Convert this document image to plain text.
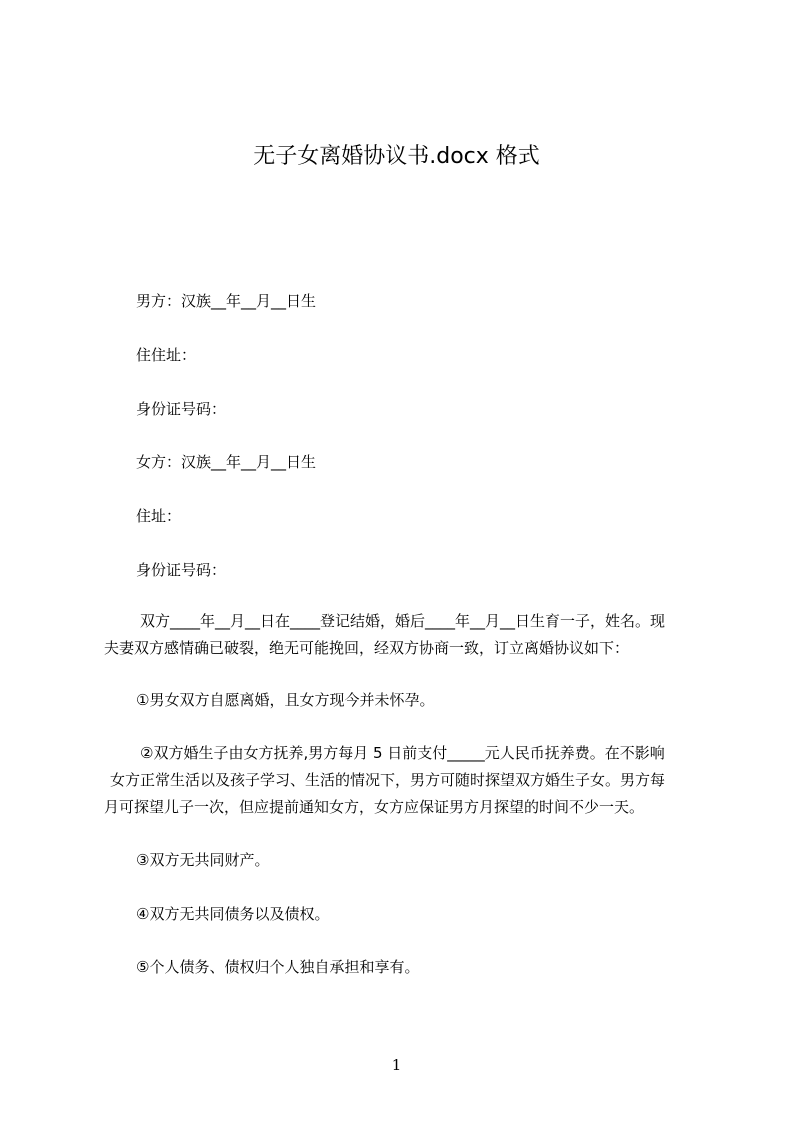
无子女离婚协议书.docx 格式
男方：汉族__年__月__日生
住住址：
身份证号码：
女方：汉族__年__月__日生
住址：
身份证号码：
双方____年__月__日在____登记结婚，婚后____年__月__日生育一子，姓名。现
夫妻双方感情确已破裂，绝无可能挽回，经双方协商一致，订立离婚协议如下：
①男女双方自愿离婚，且女方现今并未怀孕。
②双方婚生子由女方抚养,男方每月 5 日前支付_____元人民币抚养费。在不影响
女方正常生活以及孩子学习、生活的情况下，男方可随时探望双方婚生子女。男方每
月可探望儿子一次，但应提前通知女方，女方应保证男方月探望的时间不少一天。
③双方无共同财产。
④双方无共同债务以及债权。
⑤个人债务、债权归个人独自承担和享有。
1
